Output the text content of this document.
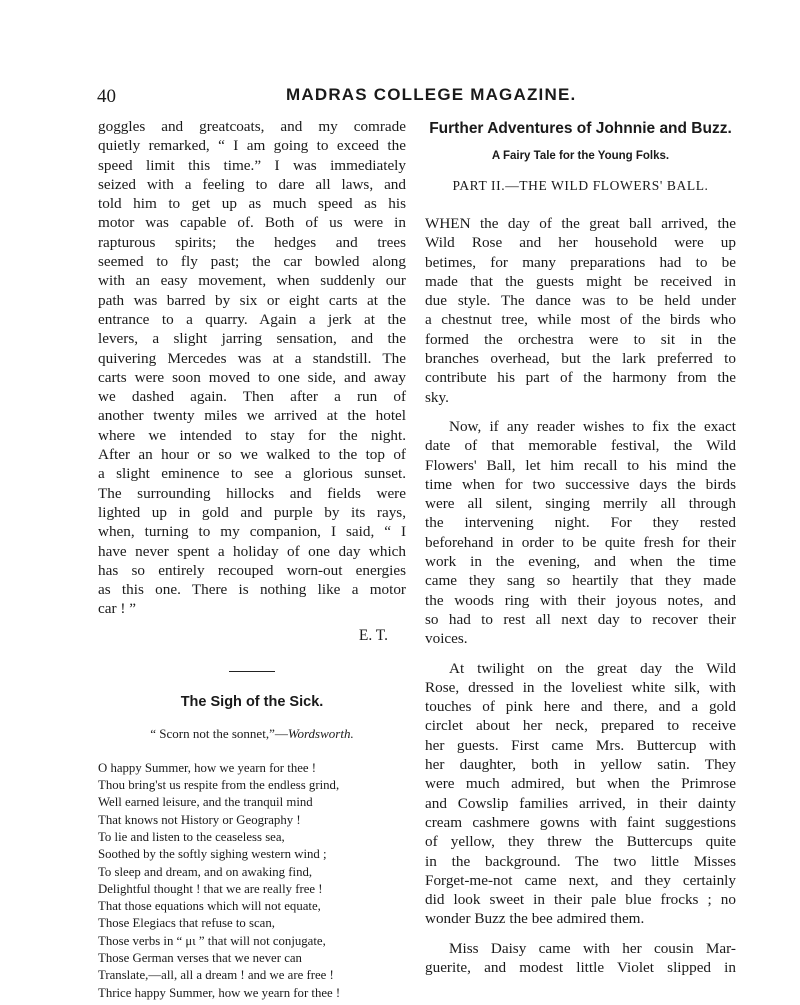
40	MADRAS COLLEGE MAGAZINE.

goggles and greatcoats, and my comrade

quietly remarked, “ I am going to exceed the

speed limit this time.” I was immediately

seized with a feeling to dare all laws, and

told him to get up as much speed as his

motor was capable of. Both of us were in

rapturous spirits; the hedges and trees

seemed to fly past; the car bowled along

with an easy movement, when suddenly our

path was barred by six or eight carts at the

entrance to a quarry. Again a jerk at the

levers, a slight jarring sensation, and the

quivering Mercedes was at a standstill. The

carts were soon moved to one side, and away

we dashed again. Then after a run of

another twenty miles we arrived at the hotel

where we intended to stay for the night.

After an hour or so we walked to the top of

a slight eminence to see a glorious sunset.

The surrounding hillocks and fields were

lighted up in gold and purple by its rays,

when, turning to my companion, I said, “ I

have never spent a holiday of one day which

has so entirely recouped worn-out energies

as this one. There is nothing like a motor

car ! ”

E. T.
The Sigh of the Sick.
“ Scorn not the sonnet,”—Wordsworth.
O happy Summer, how we yearn for thee !
Thou bring'st us respite from the endless grind,
Well earned leisure, and the tranquil mind
That knows not History or Geography !
To lie and listen to the ceaseless sea,
Soothed by the softly sighing western wind ;
To sleep and dream, and on awaking find,
Delightful thought ! that we are really free !
That those equations which will not equate,
Those Elegiacs that refuse to scan,
Those verbs in “ μι ” that will not conjugate,
Those German verses that we never can
Translate,—all, all a dream ! and we are free !
Thrice happy Summer, how we yearn for thee !
Further Adventures of Johnnie and Buzz.
A Fairy Tale for the Young Folks.
PART II.—THE WILD FLOWERS' BALL.

WHEN the day of the great ball arrived, the

Wild Rose and her household were up

betimes, for many preparations had to be

made that the guests might be received in

due style. The dance was to be held under

a chestnut tree, while most of the birds who

formed the orchestra were to sit in the

branches overhead, but the lark preferred to

contribute his part of the harmony from the

sky.

Now, if any reader wishes to fix the exact

date of that memorable festival, the Wild

Flowers' Ball, let him recall to his mind the

time when for two successive days the birds

were all silent, singing merrily all through

the intervening night. For they rested

beforehand in order to be quite fresh for their

work in the evening, and when the time

came they sang so heartily that they made

the woods ring with their joyous notes, and

so had to rest all next day to recover their

voices.

At twilight on the great day the Wild

Rose, dressed in the loveliest white silk, with

touches of pink here and there, and a gold

circlet about her neck, prepared to receive

her guests. First came Mrs. Buttercup with

her daughter, both in yellow satin. They

were much admired, but when the Primrose

and Cowslip families arrived, in their dainty

cream cashmere gowns with faint suggestions

of yellow, they threw the Buttercups quite

in the background. The two little Misses

Forget-me-not came next, and they certainly

did look sweet in their pale blue frocks ; no

wonder Buzz the bee admired them.

Miss Daisy came with her cousin Mar-

guerite, and modest little Violet slipped in
